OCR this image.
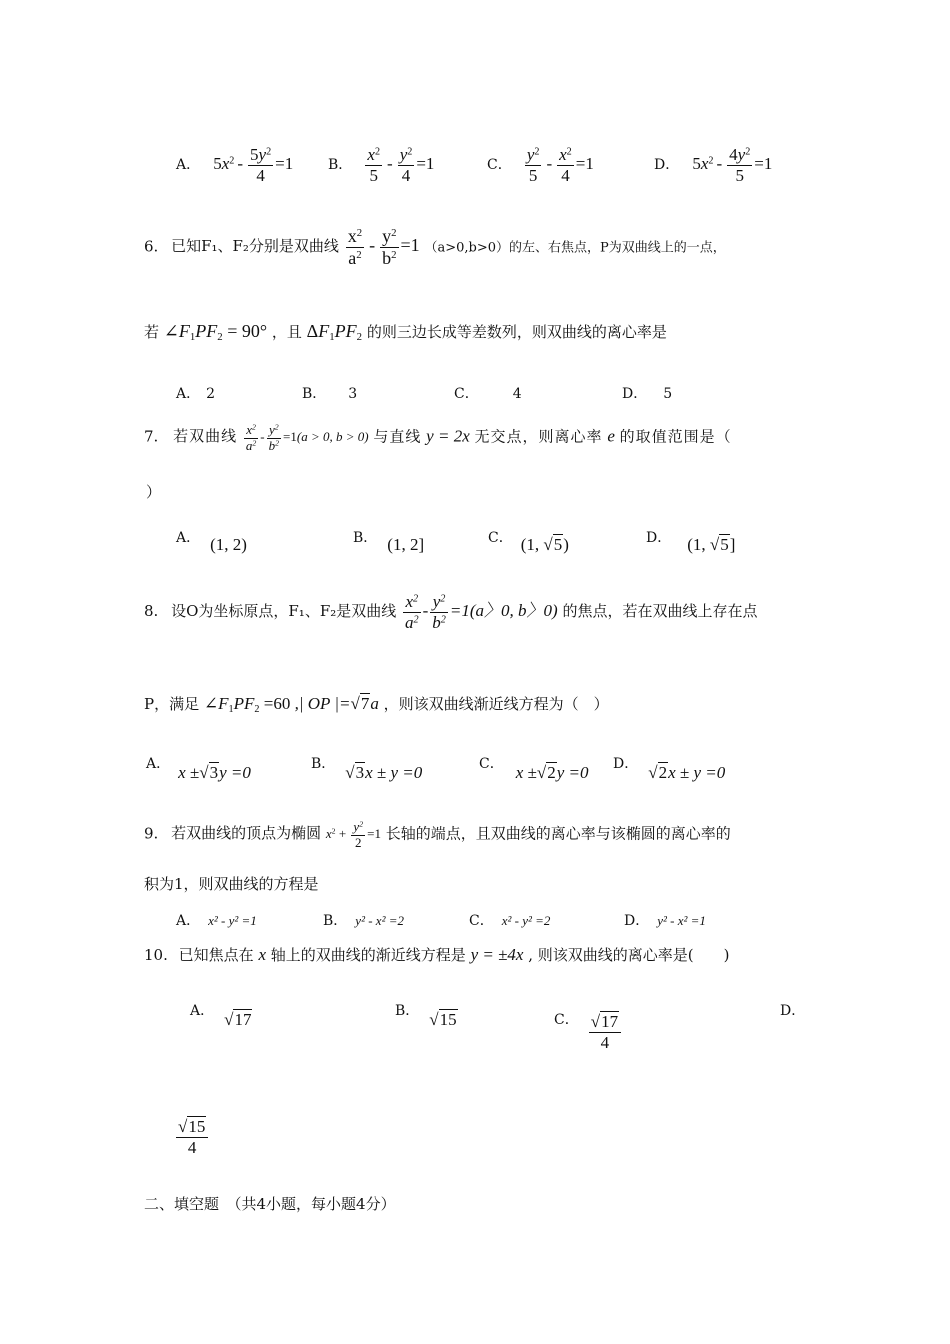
A． $5x^2 - \frac{5y^2}{4} =1$ B． $\frac{x^2}{5} - \frac{y^2}{4} =1$	C． $\frac{y^2}{5} - \frac{x^2}{4} =1$	D． $5x^2 - \frac{4y^2}{5} =1$
6. 已知F₁、F₂分别是双曲线 $\frac{x^2}{a^2} - \frac{y^2}{b^2} =1$ （a>0,b>0）的左、右焦点，P为双曲线上的一点，
若 $\angle F_1PF_2 = 90^\circ$ ，且 $\Delta F_1PF_2$ 的则三边长成等差数列，则双曲线的离心率是
A． 2	B． 3	C． 4	D． 5
7. 若双曲线 $\frac{x^2}{a^2} - \frac{y^2}{b^2} =1(a > 0$, b > 0) 与直线 y = 2x 无交点，则离心率 e 的取值范围是（
）
A． (1, 2)	B． (1, 2]	C． (1, √5)	D． (1, √5]
8. 设O为坐标原点，F₁、F₂是双曲线 $\frac{x^2}{a^2} - \frac{y^2}{b^2} =1(a$〉0, b〉0) 的焦点，若在双曲线上存在点
P，满足 $\angle F_1PF_2 =60$ ,| OP |=√7a ，则该双曲线渐近线方程为（　）
A． x ±√3y =0	B． √3x ± y =0	C． x ±√2y =0 D． √2x ± y =0
9. 若双曲线的顶点为椭圆 $x^2 + \frac{y^2}{2} =1$ 长轴的端点，且双曲线的离心率与该椭圆的离心率的
积为1，则双曲线的方程是
A． x² - y² =1	B． y² - x² =2	C． x² - y² =2	D． y² - x² =1
10. 已知焦点在 x 轴上的双曲线的渐近线方程是 y = ±4x , 则该双曲线的离心率是(　　)
A． √17	B． √15	C． $\frac{√17}{4}$
D．
$\frac{√15}{4}$
二、填空题　（共4小题，每小题4分）
